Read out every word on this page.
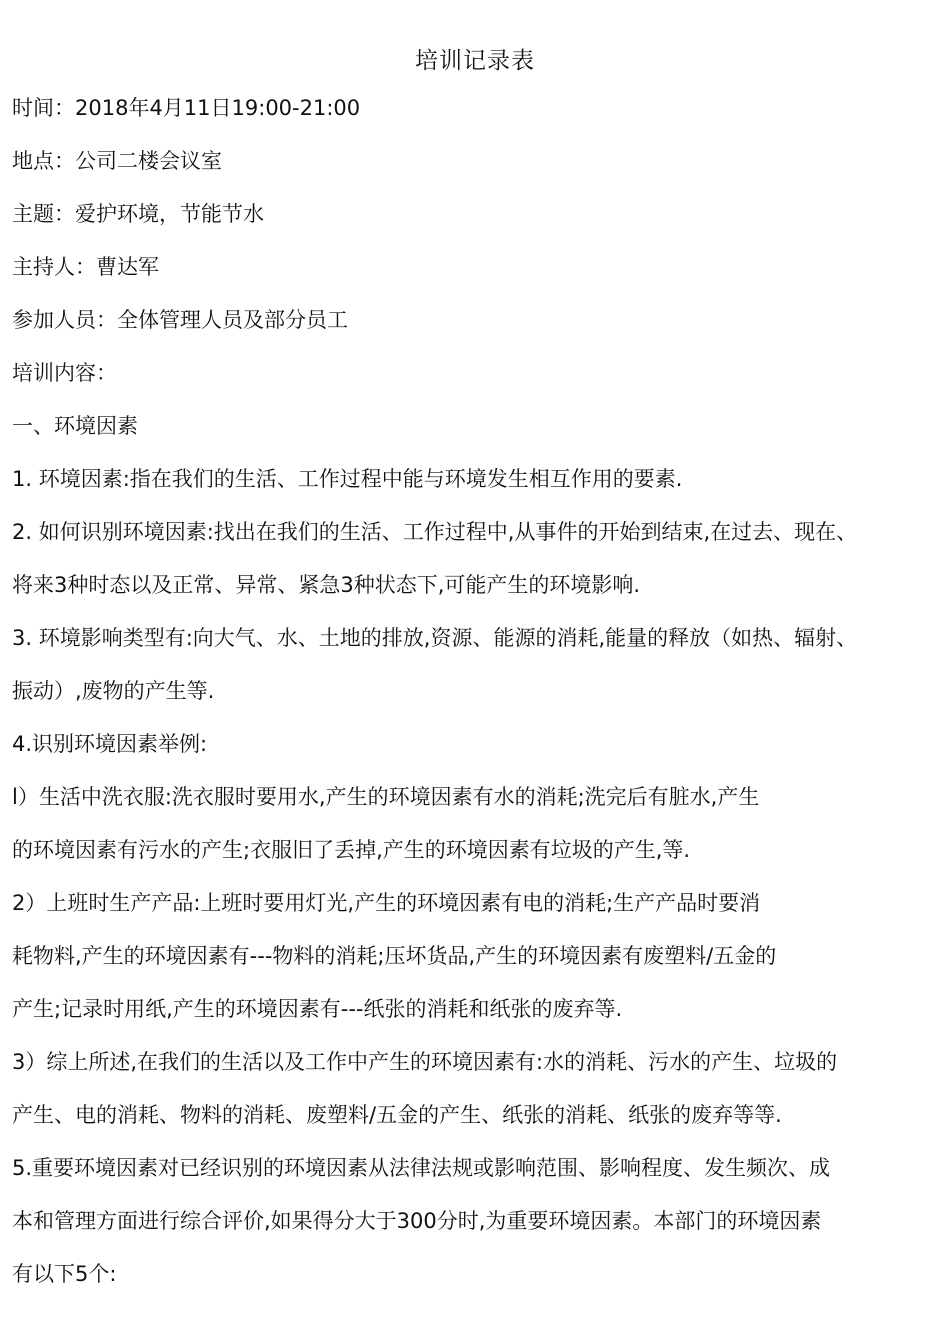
培训记录表
时间：2018年4月11日19:00-21:00
地点：公司二楼会议室
主题：爱护环境，节能节水
主持人：曹达军
参加人员：全体管理人员及部分员工
培训内容：
一、环境因素
1. 环境因素:指在我们的生活、工作过程中能与环境发生相互作用的要素.
2. 如何识别环境因素:找出在我们的生活、工作过程中,从事件的开始到结束,在过去、现在、
将来3种时态以及正常、异常、紧急3种状态下,可能产生的环境影响.
3. 环境影响类型有:向大气、水、土地的排放,资源、能源的消耗,能量的释放（如热、辐射、
振动）,废物的产生等.
4.识别环境因素举例:
l）生活中洗衣服:洗衣服时要用水,产生的环境因素有水的消耗;洗完后有脏水,产生
的环境因素有污水的产生;衣服旧了丢掉,产生的环境因素有垃圾的产生,等.
2）上班时生产产品:上班时要用灯光,产生的环境因素有电的消耗;生产产品时要消
耗物料,产生的环境因素有---物料的消耗;压坏货品,产生的环境因素有废塑料/五金的
产生;记录时用纸,产生的环境因素有---纸张的消耗和纸张的废弃等.
3）综上所述,在我们的生活以及工作中产生的环境因素有:水的消耗、污水的产生、垃圾的
产生、电的消耗、物料的消耗、废塑料/五金的产生、纸张的消耗、纸张的废弃等等.
5.重要环境因素对已经识别的环境因素从法律法规或影响范围、影响程度、发生频次、成
本和管理方面进行综合评价,如果得分大于300分时,为重要环境因素。本部门的环境因素
有以下5个:
